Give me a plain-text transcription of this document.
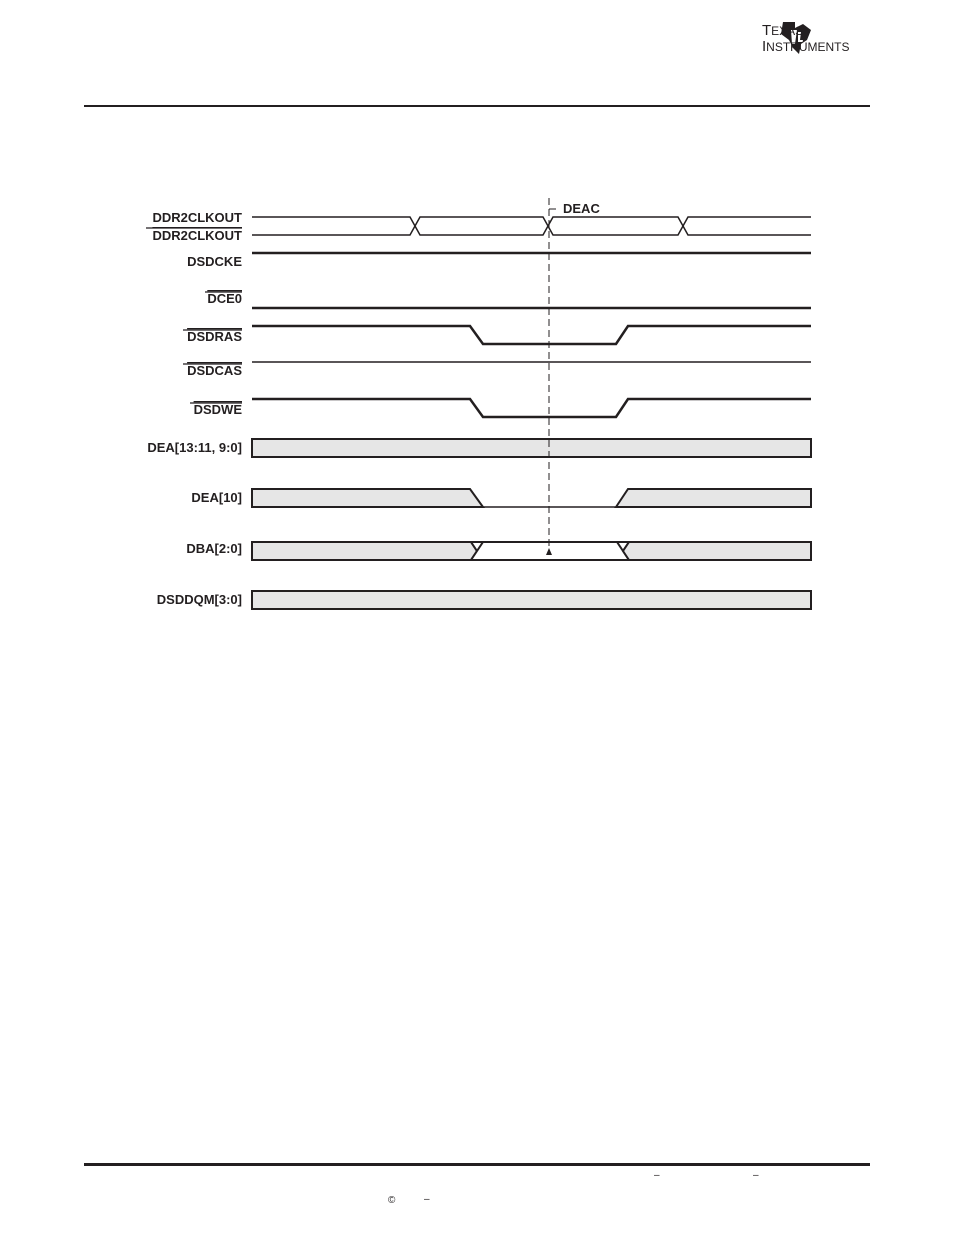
TEXAS
INSTRUMENTS
DEAC
DDR2CLKOUT
DDR2CLKOUT
DSDCKE
DCE0
DSDRAS
DSDCAS
DSDWE
DEA[13:11, 9:0]
DEA[10]
DBA[2:0]
DSDDQM[3:0]
–	–
©	–
